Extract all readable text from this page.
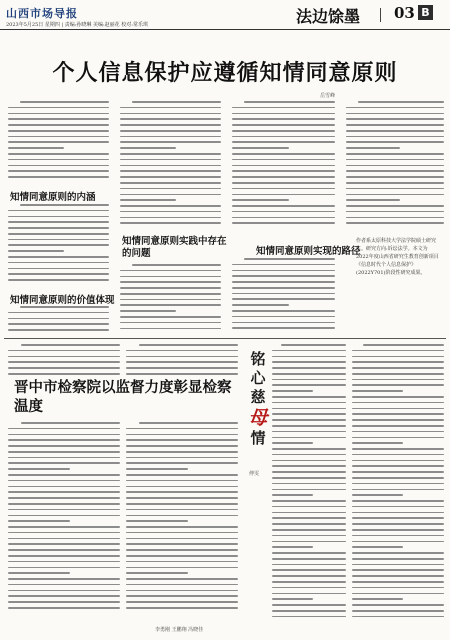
山西市场导报
2023年5月25日 星期四 | 责编:孙晓琳 美编:赵丽花 校对:常乐琪	法边馀墨 03 B
个人信息保护应遵循知情同意原则
岳雪峰
知情同意原则的内涵
知情同意原则的价值体现
知情同意原则实践中存在的问题	知情同意原则实现的路径
作者系太原科技大学法学院硕士研究生。研究方向:诉讼法学。本文为2022年度山西省研究生教育创新项目《信息时代个人信息保护》(2022Y701)阶段性研究成果。
晋中市检察院以监督力度彰显检察温度
李勇刚 王鹏翔 冯晓佳
铭
心
慈
母
情
傅雯
